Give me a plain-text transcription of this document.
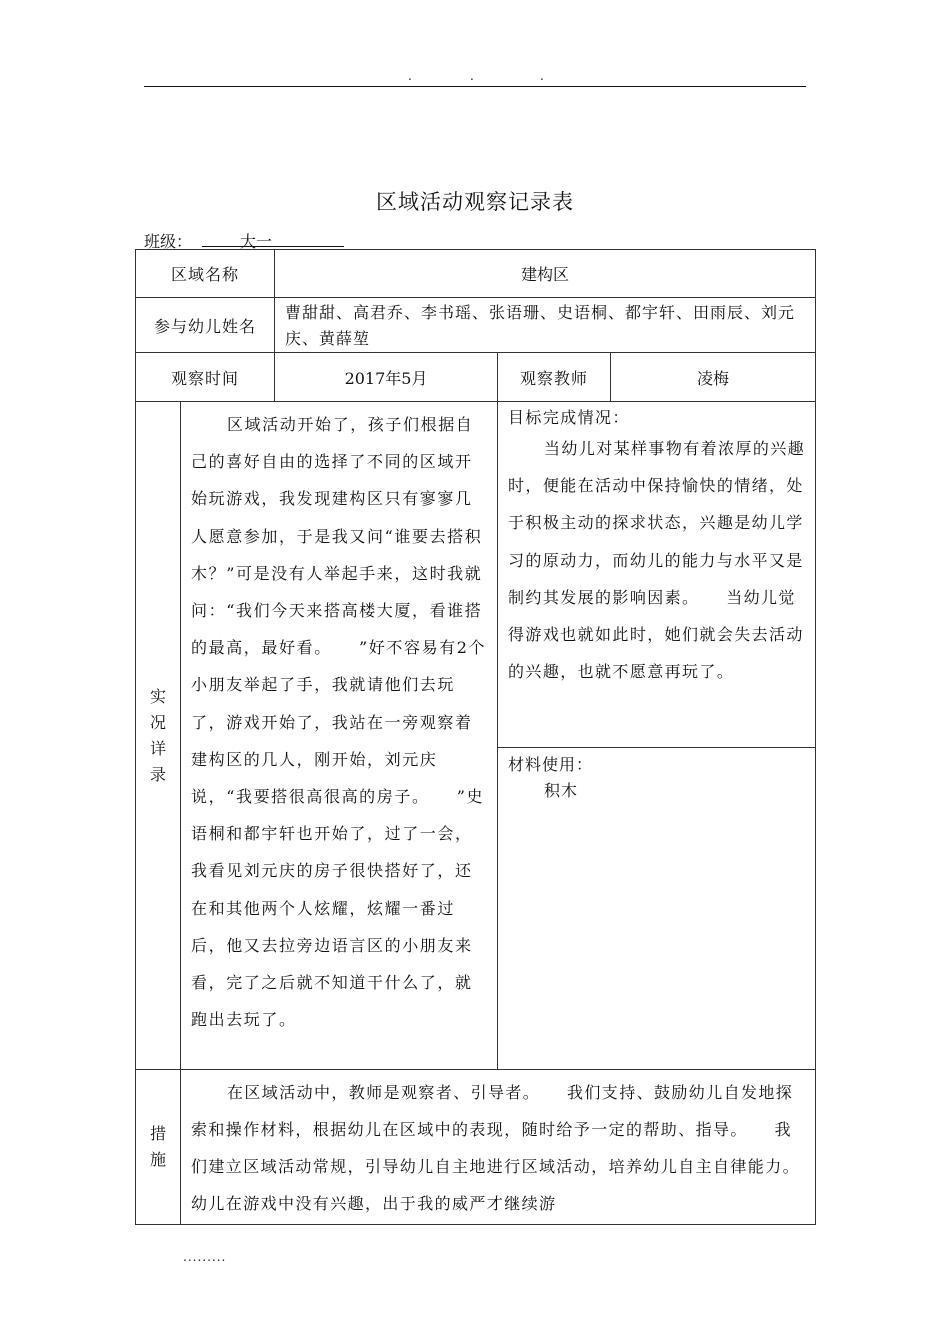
.	.	.
区域活动观察记录表
班级：	大一
区域名称		建构区		
参与幼儿姓名		曹甜甜、高君乔、李书瑶、张语珊、史语桐、都宇轩、田雨辰、刘元庆、黄薛堃		
观察时间		2017年5月	观察教师	凌梅

实况详录	区域活动开始了，孩子们根据自己的喜好自由的选择了不同的区域开始玩游戏，我发现建构区只有寥寥几人愿意参加，于是我又问“谁要去搭积木？”可是没有人举起手来，这时我就问：“我们今天来搭高楼大厦，看谁搭的最高，最好看。　　”好不容易有2个小朋友举起了手，我就请他们去玩了，游戏开始了，我站在一旁观察着建构区的几人，刚开始，刘元庆说，“我要搭很高很高的房子。　　”史语桐和都宇轩也开始了，过了一会，我看见刘元庆的房子很快搭好了，还在和其他两个人炫耀，炫耀一番过后，他又去拉旁边语言区的小朋友来看，完了之后就不知道干什么了，就跑出去玩了。		目标完成情况：
当幼儿对某样事物有着浓厚的兴趣时，便能在活动中保持愉快的情绪，处于积极主动的探求状态，兴趣是幼儿学习的原动力，而幼儿的能力与水平又是制约其发展的影响因素。　　当幼儿觉得游戏也就如此时，她们就会失去活动的兴趣，也就不愿意再玩了。	

			材料使用：
积木	

措施	在区域活动中，教师是观察者、引导者。　　我们支持、鼓励幼儿自发地探索和操作材料，根据幼儿在区域中的表现，随时给予一定的帮助、指导。　　我们建立区域活动常规，引导幼儿自主地进行区域活动，培养幼儿自主自律能力。　　幼儿在游戏中没有兴趣，出于我的威严才继续游			
.........
